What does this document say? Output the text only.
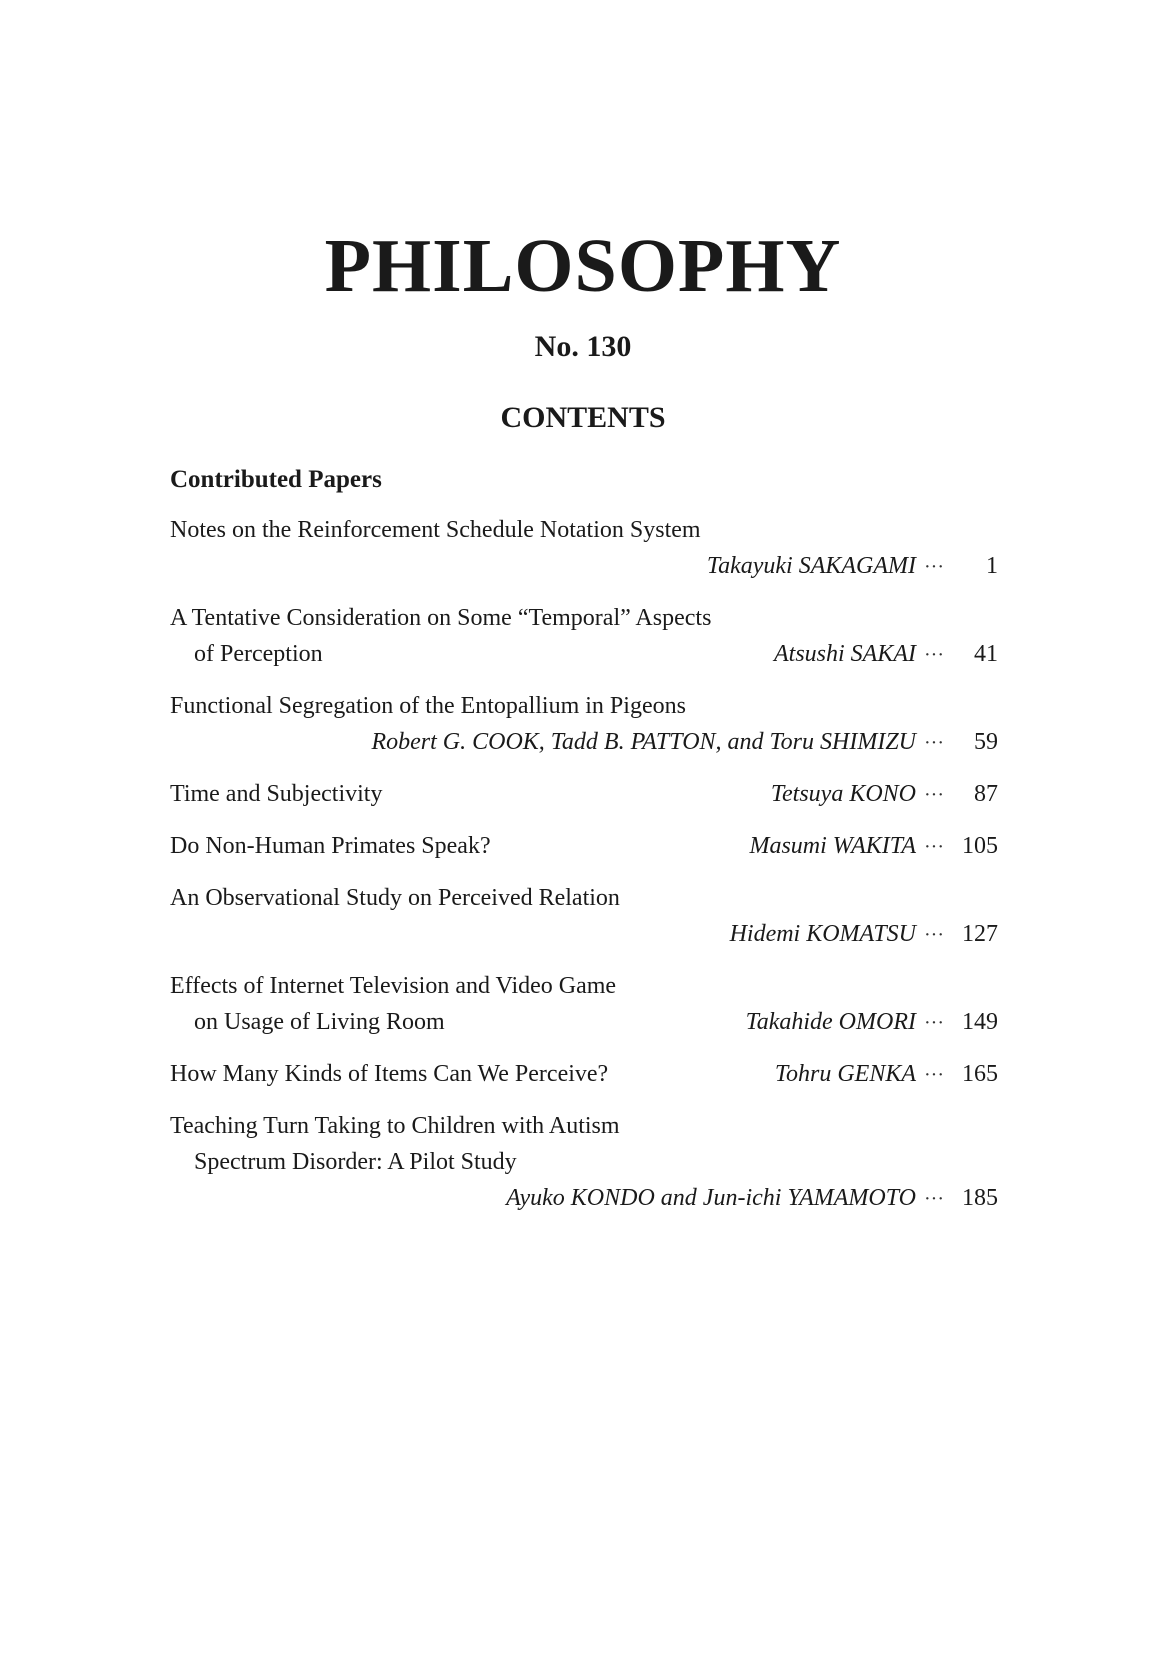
PHILOSOPHY
No. 130
CONTENTS
Contributed Papers
Notes on the Reinforcement Schedule Notation System
Takayuki SAKAGAMI ···	1
A Tentative Consideration on Some “Temporal” Aspects
of Perception	Atsushi SAKAI ···	41
Functional Segregation of the Entopallium in Pigeons
Robert G. COOK, Tadd B. PATTON, and Toru SHIMIZU ···	59
Time and Subjectivity	Tetsuya KONO ···	87
Do Non-Human Primates Speak?	Masumi WAKITA ··· 105
An Observational Study on Perceived Relation
Hidemi KOMATSU ··· 127
Effects of Internet Television and Video Game
on Usage of Living Room	Takahide OMORI ··· 149
How Many Kinds of Items Can We Perceive?	Tohru GENKA ··· 165
Teaching Turn Taking to Children with Autism
Spectrum Disorder: A Pilot Study
Ayuko KONDO and Jun-ichi YAMAMOTO ··· 185
